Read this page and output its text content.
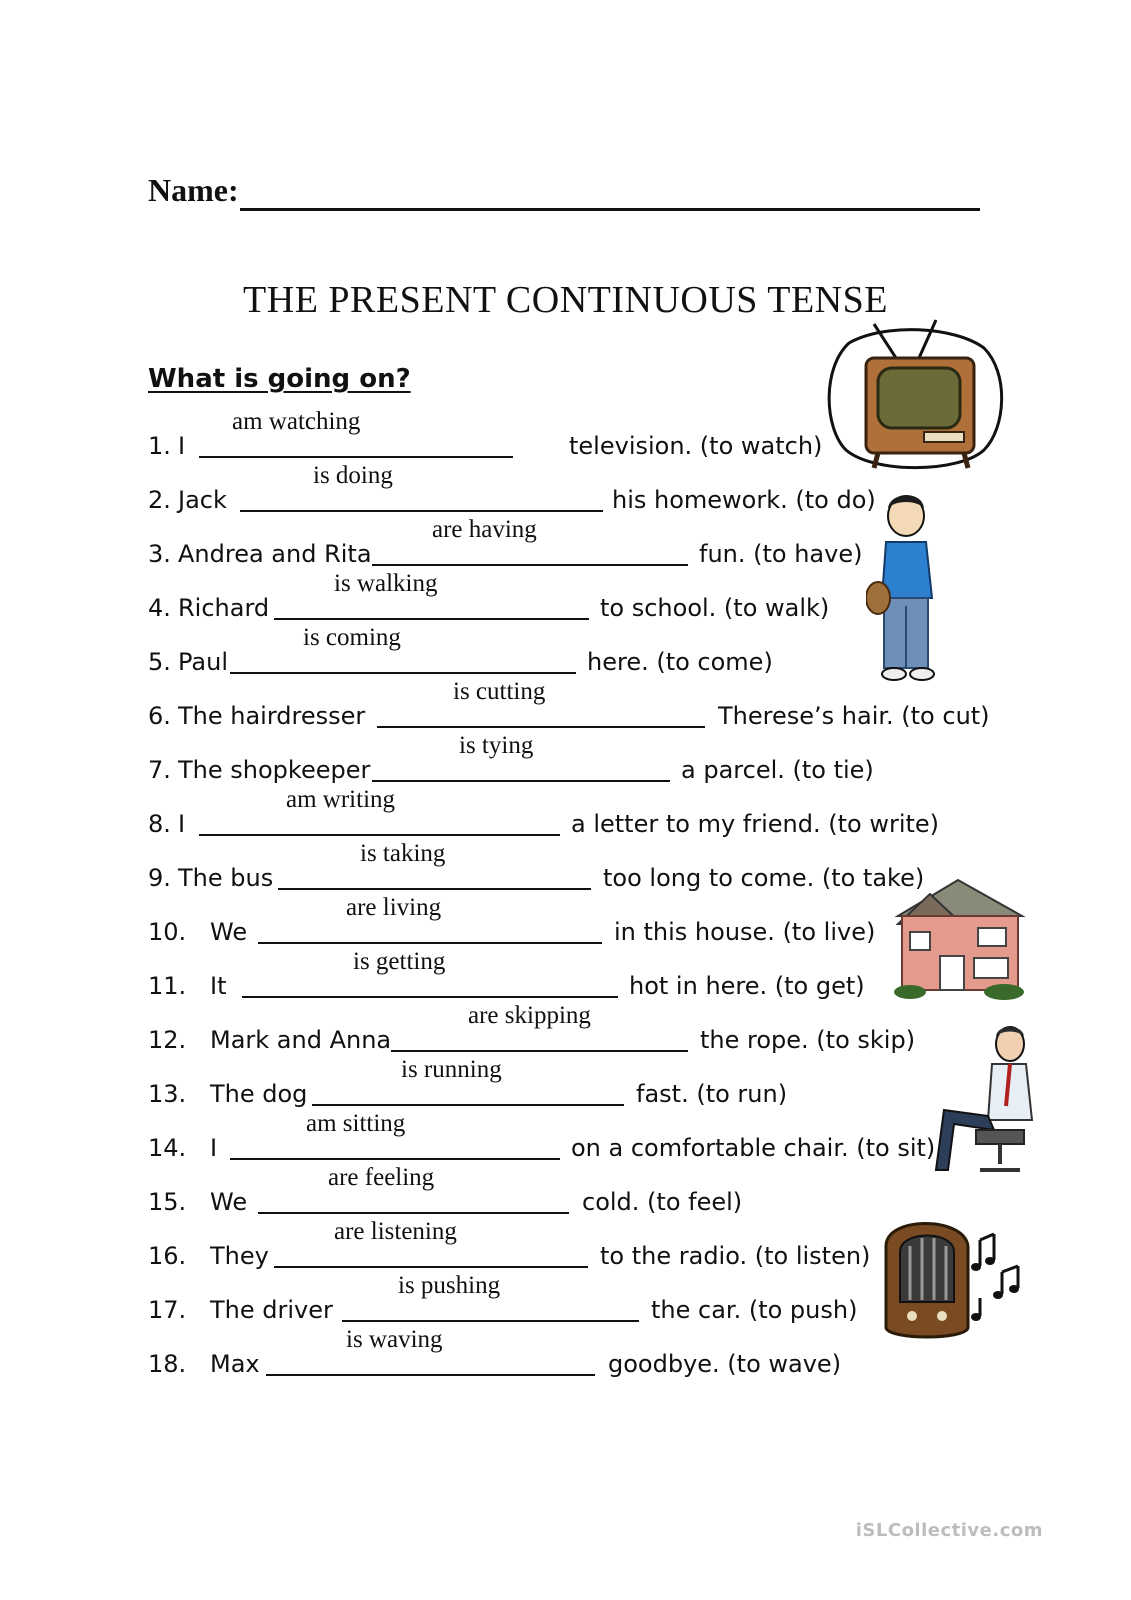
Name:
THE PRESENT CONTINUOUS TENSE
What is going on?
1. I
am watching
television. (to watch)
2. Jack
is doing
his homework. (to do)
3. Andrea and Rita
are having
fun. (to have)
4. Richard
is walking
to school. (to walk)
5. Paul
is coming
here. (to come)
6. The hairdresser
is cutting
Therese’s hair. (to cut)
7. The shopkeeper
is tying
a parcel. (to tie)
8. I
am writing
a letter to my friend. (to write)
9. The bus
is taking
too long to come. (to take)
10. We
are living
in this house. (to live)
11. It
is getting
hot in here. (to get)
12. Mark and Anna
are skipping
the rope. (to skip)
13. The dog
is running
fast. (to run)
14. I
am sitting
on a comfortable chair. (to sit)
15. We
are feeling
cold. (to feel)
16. They
are listening
to the radio. (to listen)
17. The driver
is pushing
the car. (to push)
18. Max
is waving
goodbye. (to wave)
iSLCollective.com
